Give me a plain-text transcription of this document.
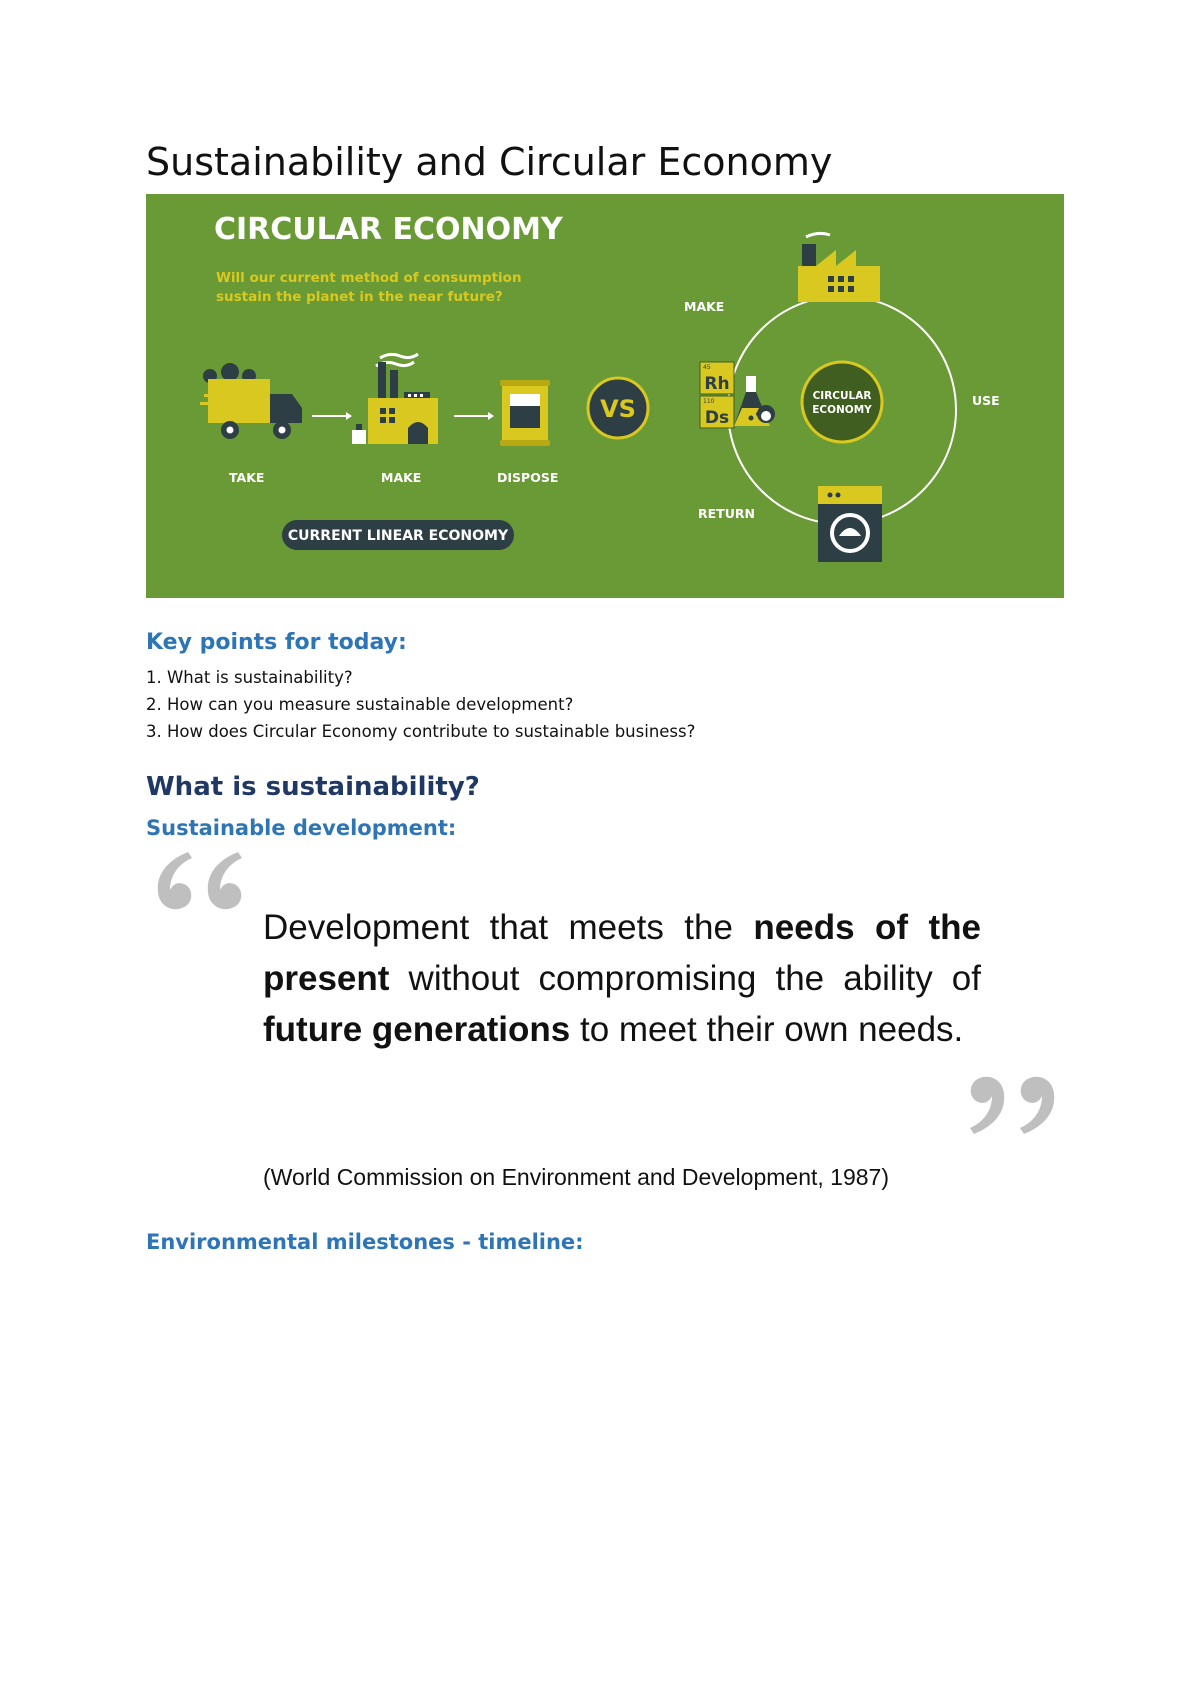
Sustainability and Circular Economy
CIRCULAR ECONOMY
Will our current method of consumption
sustain the planet in the near future?
TAKE	MAKE	DISPOSE
CURRENT LINEAR ECONOMY
VS	CIRCULAR
ECONOMY
45
Rh
110
Ds
MAKE
USE
RETURN
Key points for today:
1. What is sustainability?
2. How can you measure sustainable development?
3. How does Circular Economy contribute to sustainable business?
What is sustainability?
Sustainable development:

Development that meets the needs of the present without compromising the ability of future generations to meet their own needs.

(World Commission on Environment and Development, 1987)

Environmental milestones - timeline:
